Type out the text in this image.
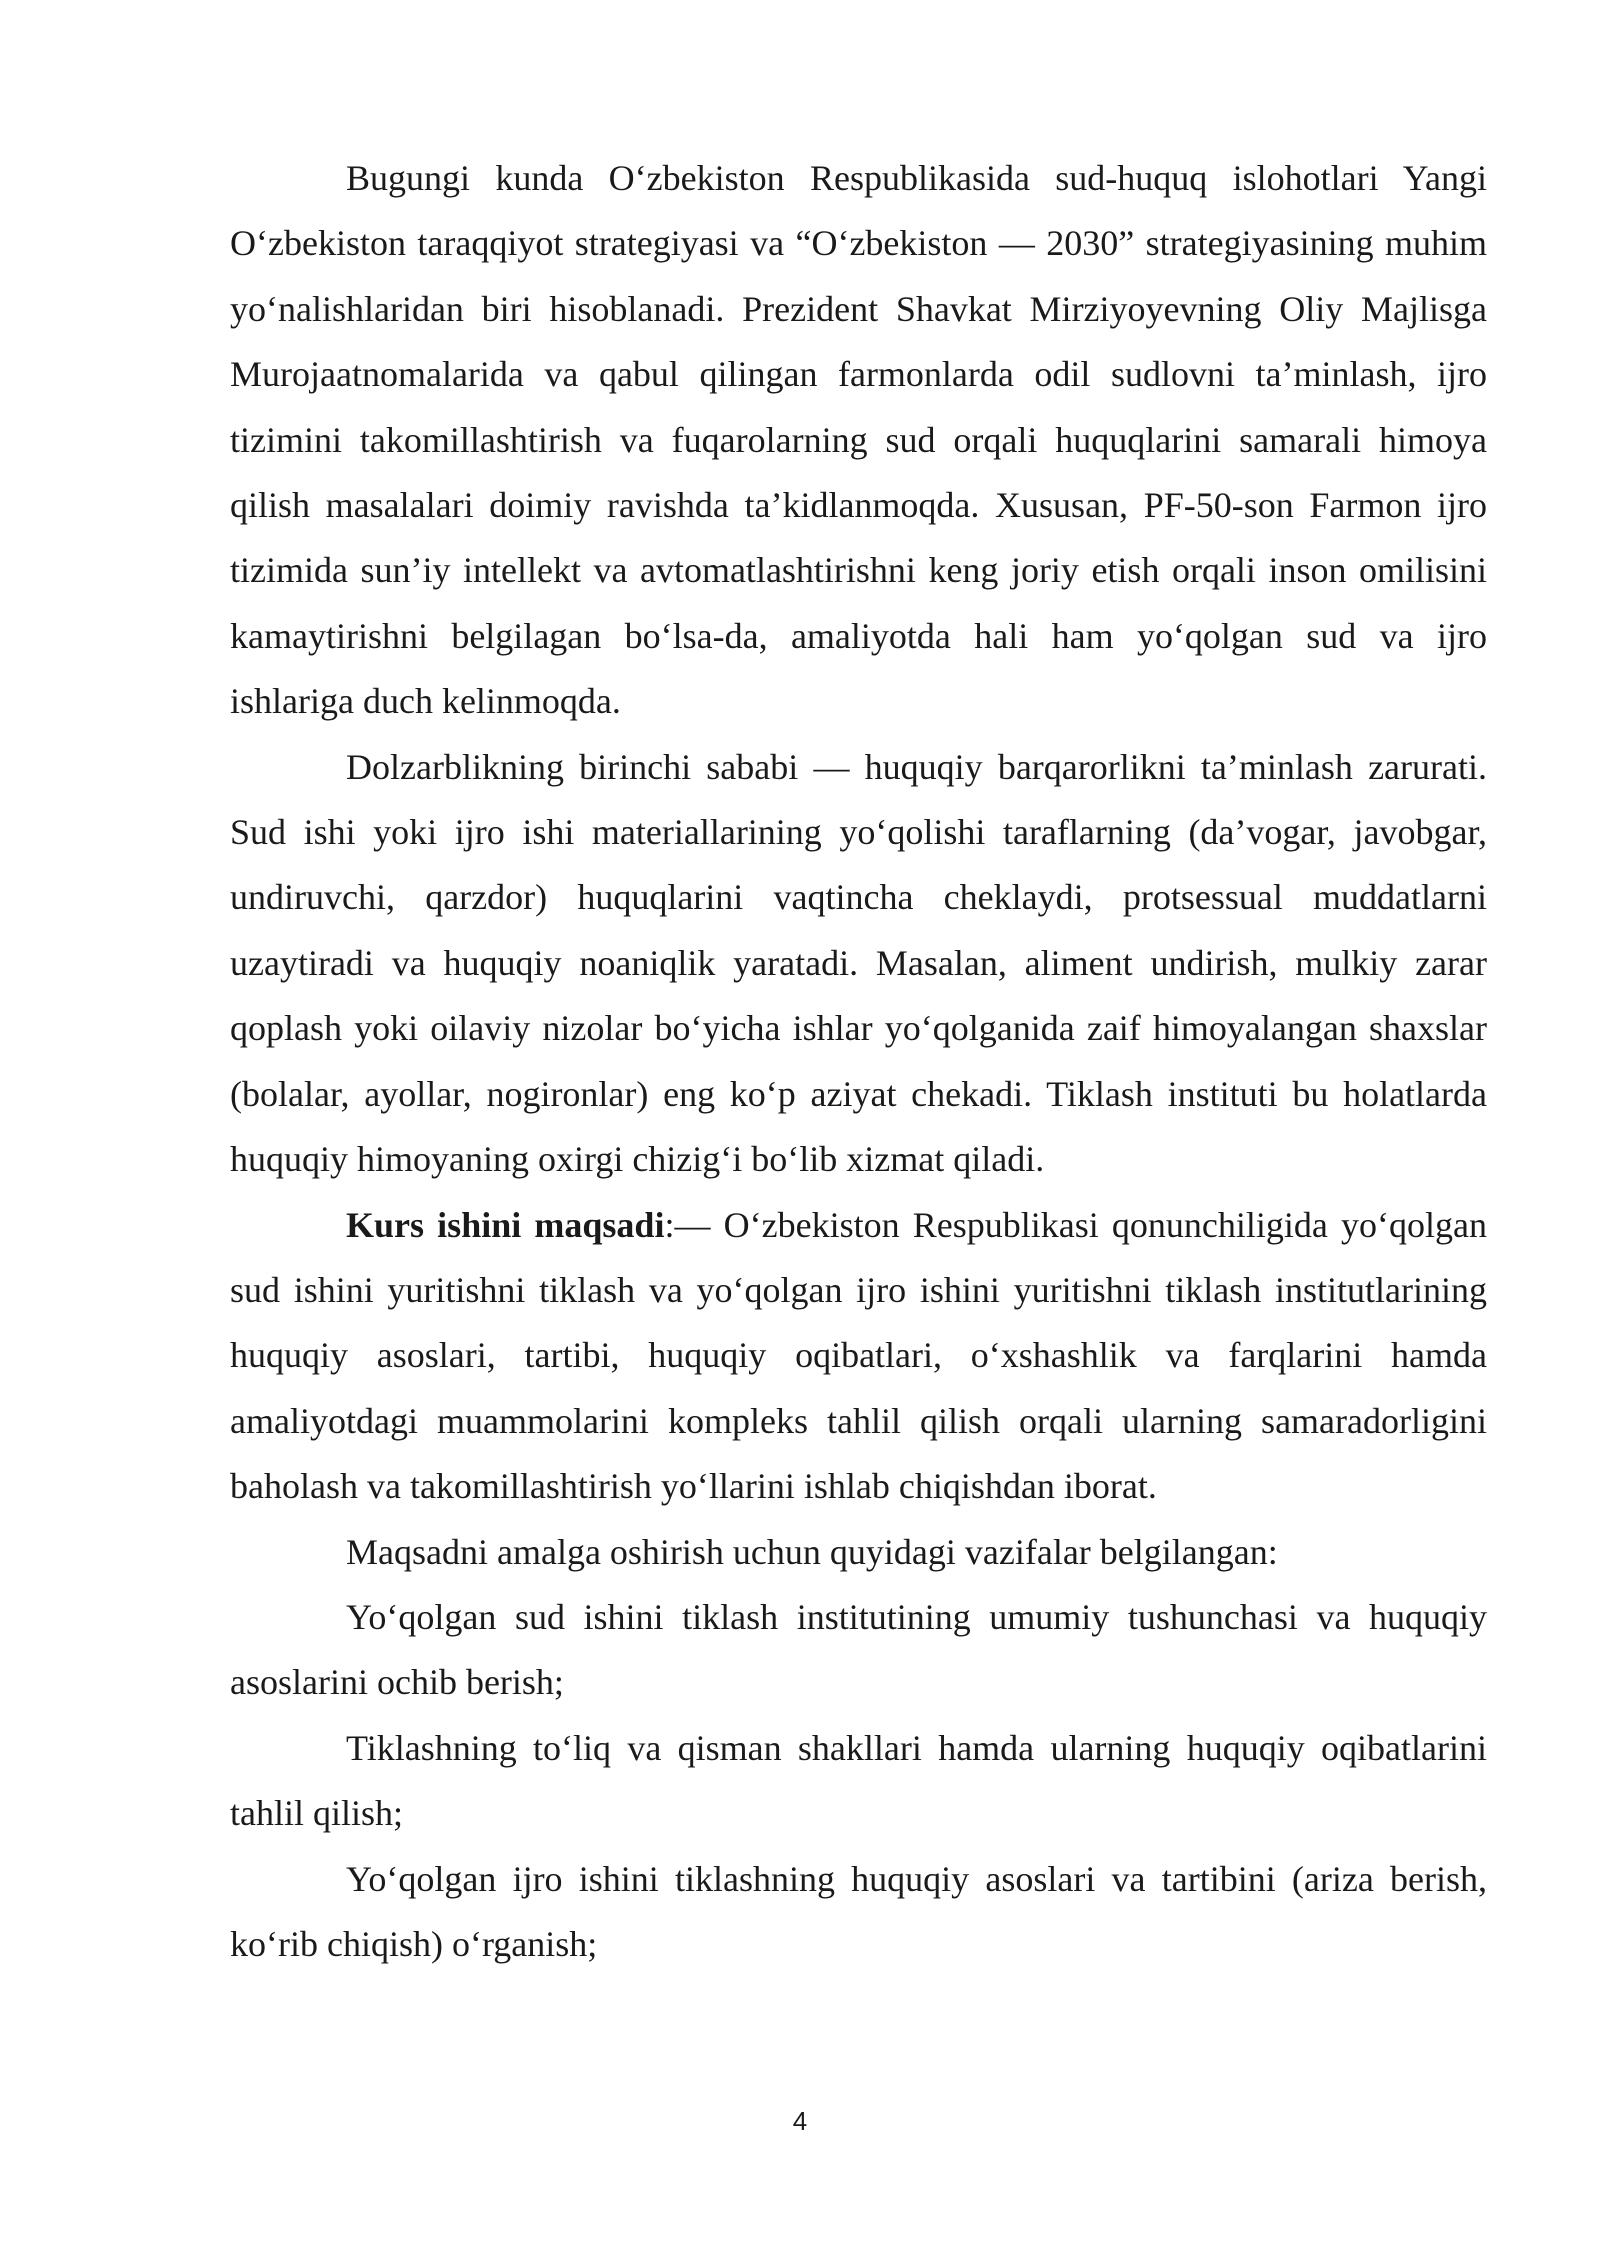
Bugungi kunda O‘zbekiston Respublikasida sud-huquq islohotlari Yangi O‘zbekiston taraqqiyot strategiyasi va “O‘zbekiston — 2030” strategiyasining muhim yo‘nalishlaridan biri hisoblanadi. Prezident Shavkat Mirziyoyevning Oliy Majlisga Murojaatnomalarida va qabul qilingan farmonlarda odil sudlovni ta’minlash, ijro tizimini takomillashtirish va fuqarolarning sud orqali huquqlarini samarali himoya qilish masalalari doimiy ravishda ta’kidlanmoqda. Xususan, PF-50-son Farmon ijro tizimida sun’iy intellekt va avtomatlashtirishni keng joriy etish orqali inson omilisini kamaytirishni belgilagan bo‘lsa-da, amaliyotda hali ham yo‘qolgan sud va ijro ishlariga duch kelinmoqda.

Dolzarblikning birinchi sababi — huquqiy barqarorlikni ta’minlash zarurati. Sud ishi yoki ijro ishi materiallarining yo‘qolishi taraflarning (da’vogar, javobgar, undiruvchi, qarzdor) huquqlarini vaqtincha cheklaydi, protsessual muddatlarni uzaytiradi va huquqiy noaniqlik yaratadi. Masalan, aliment undirish, mulkiy zarar qoplash yoki oilaviy nizolar bo‘yicha ishlar yo‘qolganida zaif himoyalangan shaxslar (bolalar, ayollar, nogironlar) eng ko‘p aziyat chekadi. Tiklash instituti bu holatlarda huquqiy himoyaning oxirgi chizig‘i bo‘lib xizmat qiladi.

Kurs ishini maqsadi:— O‘zbekiston Respublikasi qonunchiligida yo‘qolgan sud ishini yuritishni tiklash va yo‘qolgan ijro ishini yuritishni tiklash institutlarining huquqiy asoslari, tartibi, huquqiy oqibatlari, o‘xshashlik va farqlarini hamda amaliyotdagi muammolarini kompleks tahlil qilish orqali ularning samaradorligini baholash va takomillashtirish yo‘llarini ishlab chiqishdan iborat.

Maqsadni amalga oshirish uchun quyidagi vazifalar belgilangan:

Yo‘qolgan sud ishini tiklash institutining umumiy tushunchasi va huquqiy asoslarini ochib berish;

Tiklashning to‘liq va qisman shakllari hamda ularning huquqiy oqibatlarini tahlil qilish;

Yo‘qolgan ijro ishini tiklashning huquqiy asoslari va tartibini (ariza berish, ko‘rib chiqish) o‘rganish;

4
